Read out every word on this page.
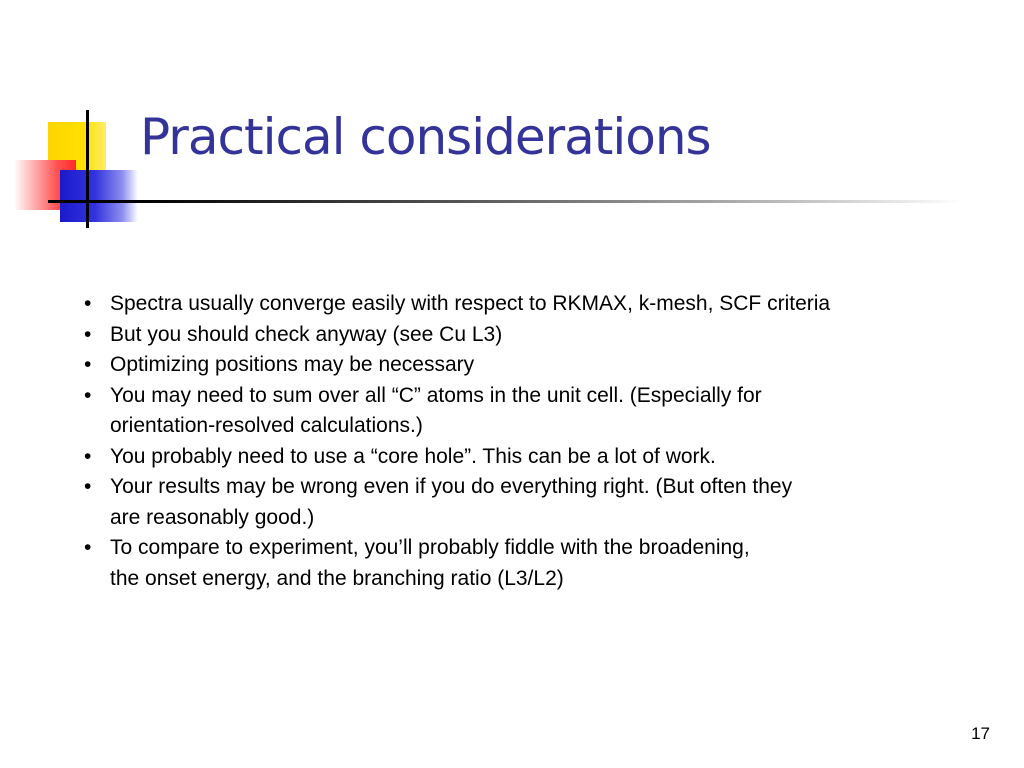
Practical considerations
• Spectra usually converge easily with respect to RKMAX, k-mesh, SCF criteria
• But you should check anyway (see Cu L3)
• Optimizing positions may be necessary
• You may need to sum over all “C” atoms in the unit cell. (Especially for
orientation-resolved calculations.)
• You probably need to use a “core hole”. This can be a lot of work.
• Your results may be wrong even if you do everything right. (But often they
are reasonably good.)
• To compare to experiment, you’ll probably fiddle with the broadening,
the onset energy, and the branching ratio (L3/L2)
17
